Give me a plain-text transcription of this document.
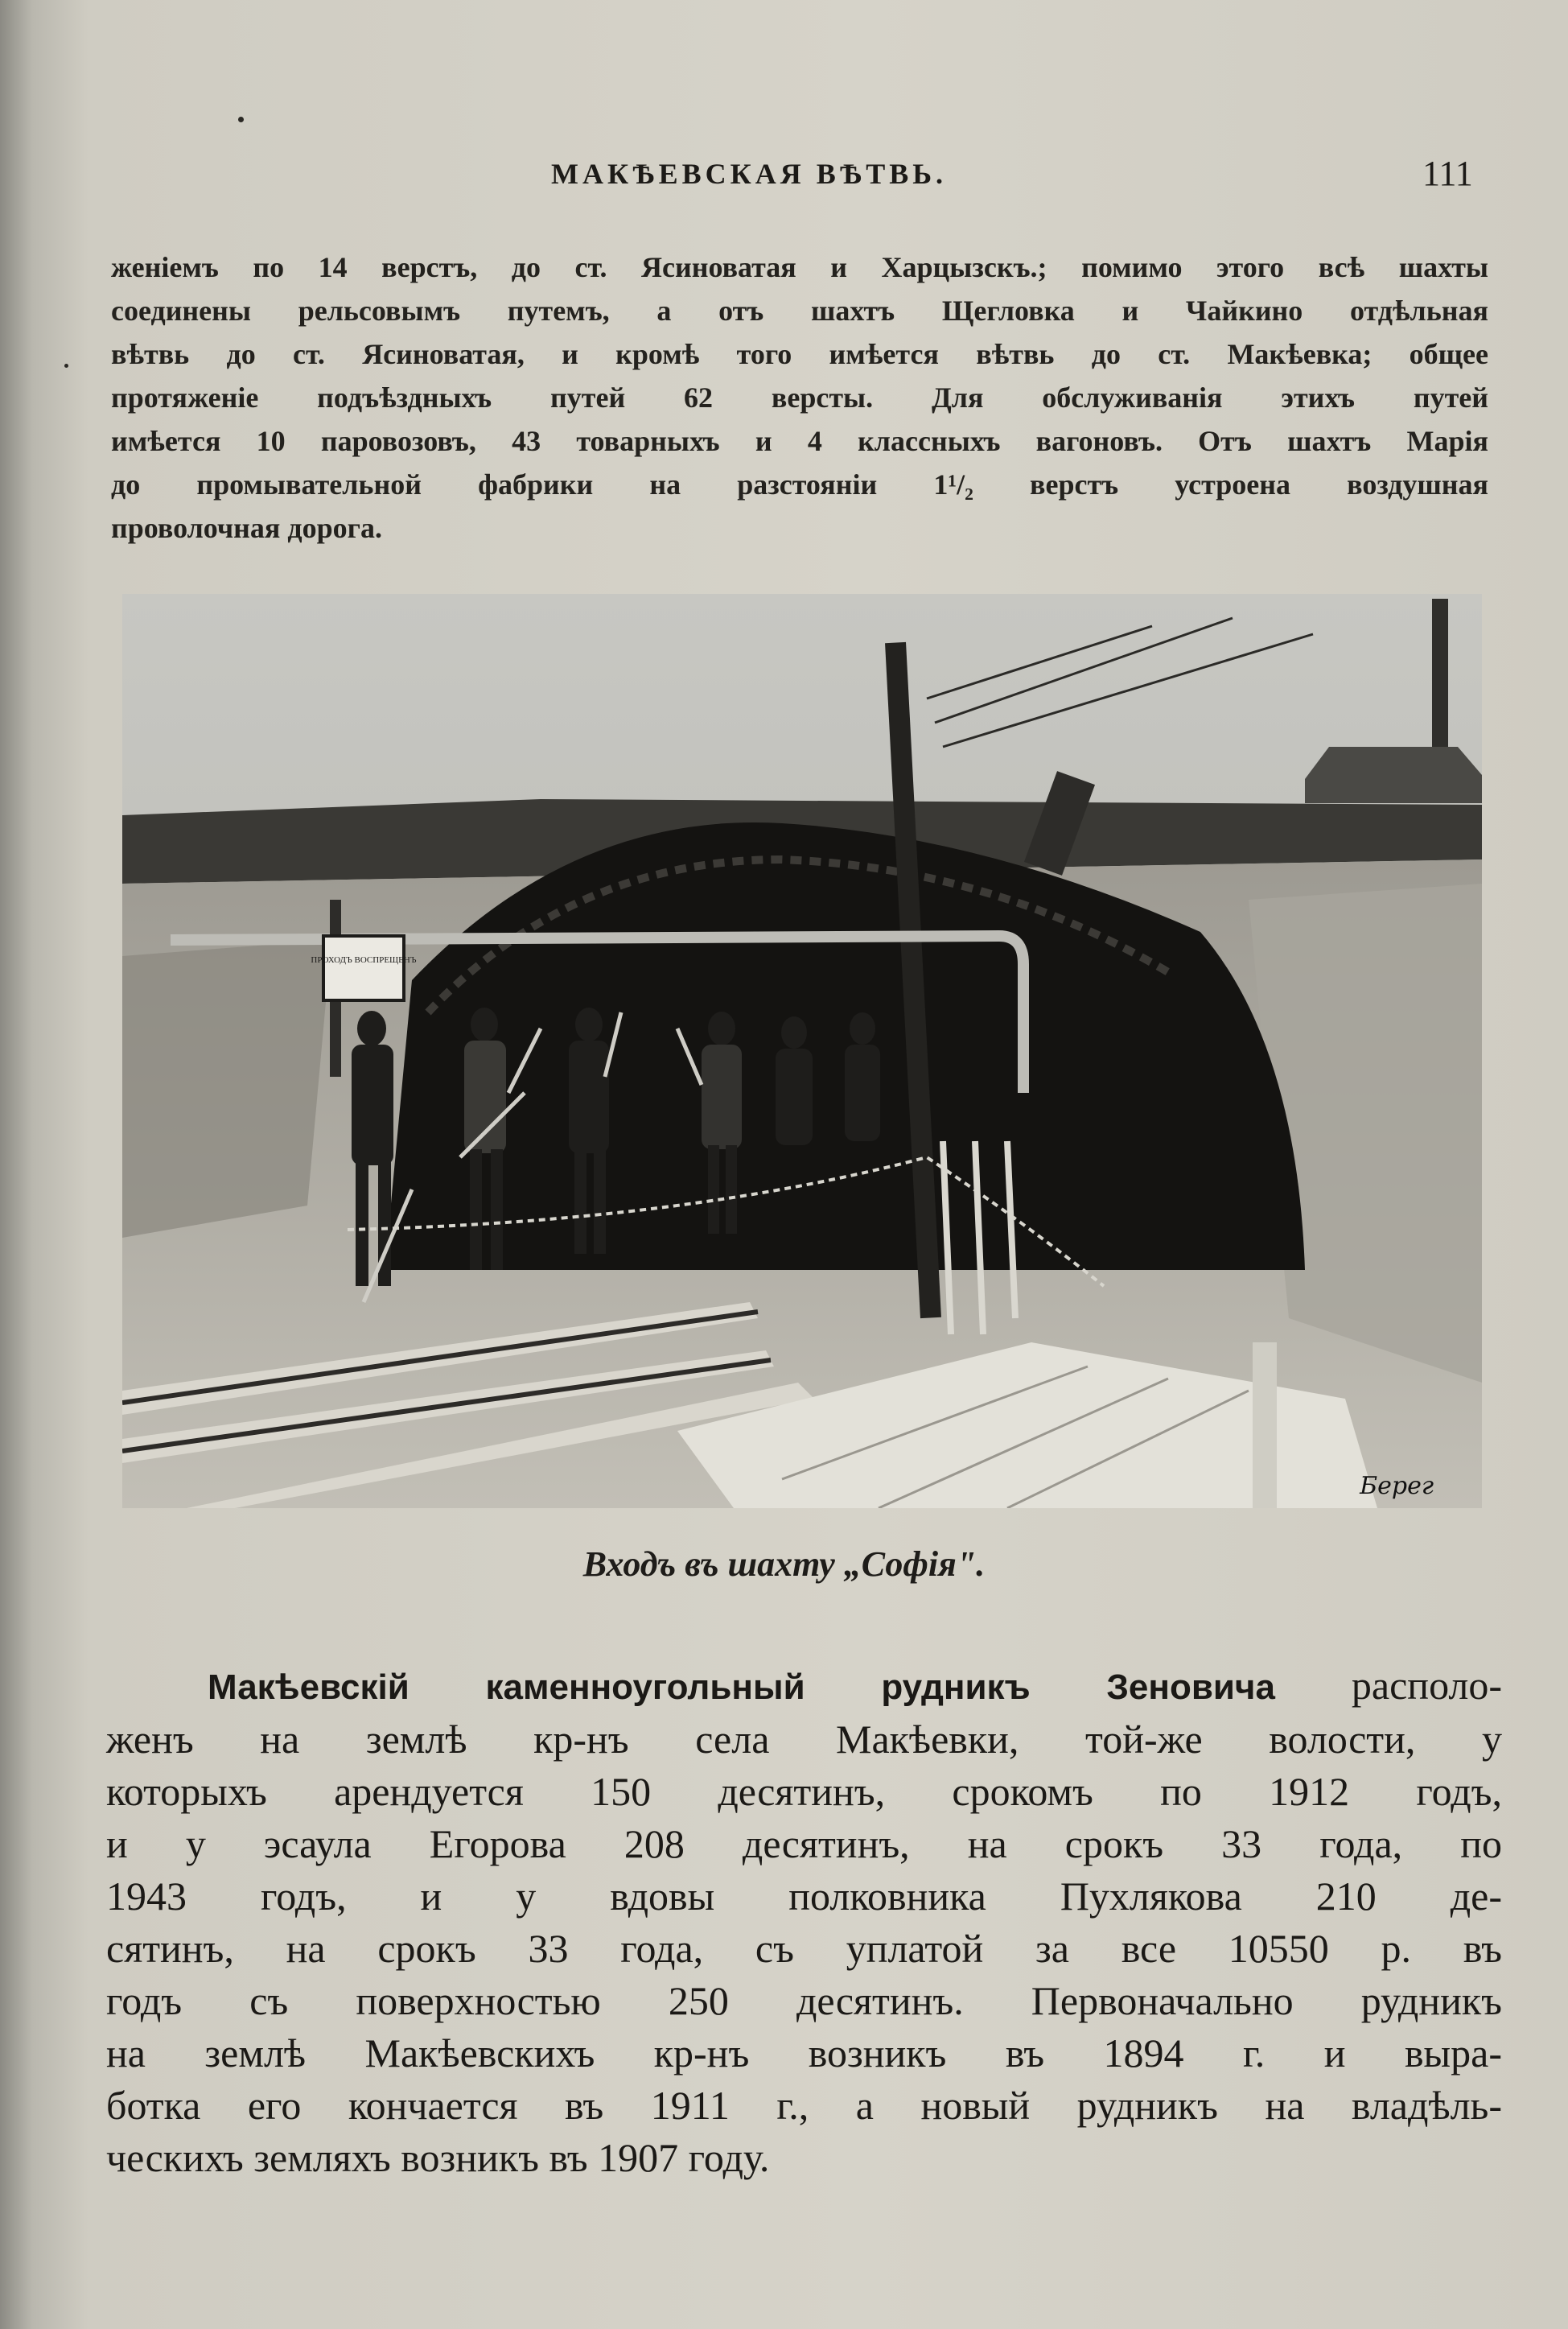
МАКѢЕВСКАЯ ВѢТВЬ.	111
женіемъ по 14 верстъ, до ст. Ясиноватая и Харцызскъ.; помимо этого всѣ шахты
соединены рельсовымъ путемъ, а отъ шахтъ Щегловка и Чайкино отдѣльная
вѣтвь до ст. Ясиноватая, и кромѣ того имѣется вѣтвь до ст. Макѣевка; общее
протяженіе подъѣздныхъ путей 62 версты. Для обслуживанія этихъ путей
имѣется 10 паровозовъ, 43 товарныхъ и 4 классныхъ вагоновъ. Отъ шахтъ Марія
до промывательной фабрики на разстояніи 1¹/₂ верстъ устроена воздушная
проволочная дорога.
ПРОХОДЪ ВОСПРЕЩЕНЪ
Берег
Входъ въ шахту „Софія".
Макѣевскій каменноугольный рудникъ Зеновича располо-
женъ на землѣ кр-нъ села Макѣевки, той-же волости, у
которыхъ арендуется 150 десятинъ, срокомъ по 1912 годъ,
и у эсаула Егорова 208 десятинъ, на срокъ 33 года, по
1943 годъ, и у вдовы полковника Пухлякова 210 де-
сятинъ, на срокъ 33 года, съ уплатой за все 10550 р. въ
годъ съ поверхностью 250 десятинъ. Первоначально рудникъ
на землѣ Макѣевскихъ кр-нъ возникъ въ 1894 г. и выра-
ботка его кончается въ 1911 г., а новый рудникъ на владѣль-
ческихъ земляхъ возникъ въ 1907 году.
